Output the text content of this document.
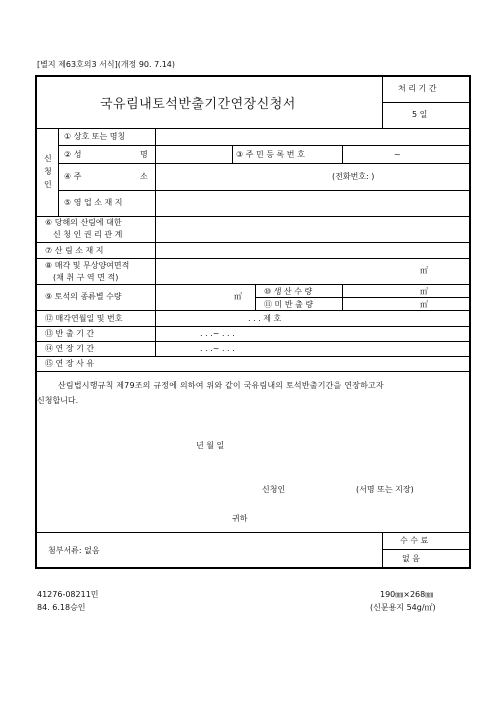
[별지 제63호의3 서식](개정 90. 7.14)
국유림내토석반출기간연장신청서
처 리 기 간
5 일
신
청
인
① 상호 또는 명칭
② 성	명	③ 주 민 등 록 번 호	~
④ 주	소	(전화번호: )
⑤ 영 업 소 재 지
⑥ 당해의 산림에 대한
신 청 인 권 리 관 계
⑦ 산 림 소 재 지
⑧ 매각 및 무상양여면적
(채 취 구 역 면 적)
㎡
⑨ 토석의 종류별 수량	㎥
⑩ 생 산 수 량	㎥
⑪ 미 반 출 량	㎥
⑫ 매각연월일 및 번호	. . . 제 호
⑬ 반 출 기 간	. . .~ . . .
⑭ 연 장 기 간	. . .~ . . .
⑮ 연 장 사 유
산림법시행규칙 제79조의 규정에 의하여 위와 같이 국유림내의 토석반출기간을 연장하고자
신청합니다.
년 월 일
신청인	(서명 또는 지장)
귀하
첨부서류: 없음
수 수 료
없 음
41276-08211민
84. 6.18승인
190㎜×268㎜
(신문용지 54g/㎡)
